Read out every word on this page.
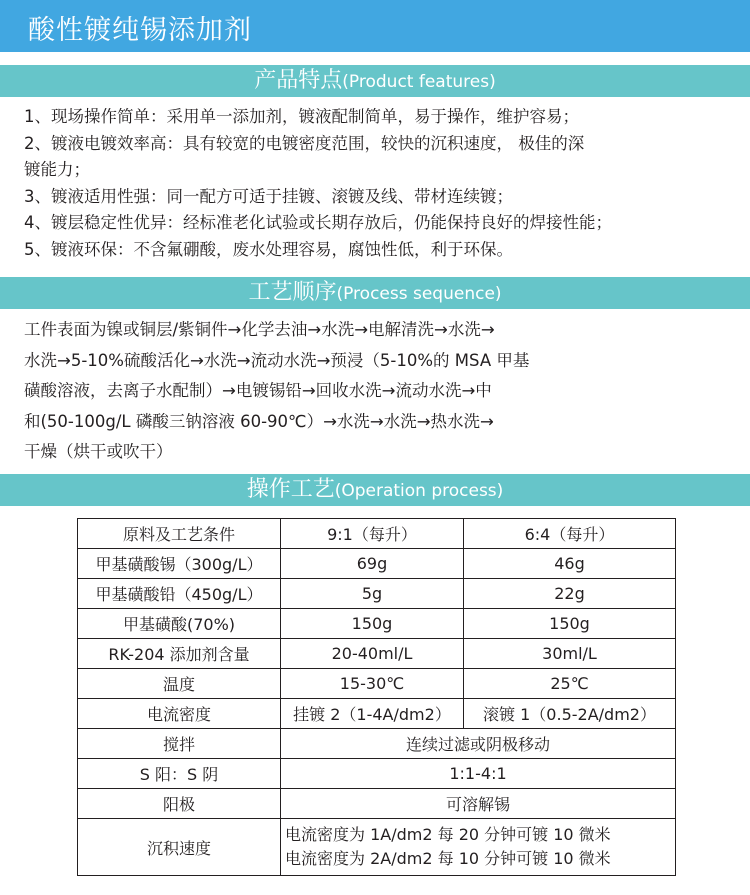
酸性镀纯锡添加剂
产品特点(Product features)

1、现场操作简单：采用单一添加剂，镀液配制简单，易于操作，维护容易；

2、镀液电镀效率高：具有较宽的电镀密度范围，较快的沉积速度， 极佳的深

镀能力；

3、镀液适用性强：同一配方可适于挂镀、滚镀及线、带材连续镀；

4、镀层稳定性优异：经标准老化试验或长期存放后，仍能保持良好的焊接性能；

5、镀液环保：不含氟硼酸，废水处理容易，腐蚀性低，利于环保。

工艺顺序(Process sequence)

工件表面为镍或铜层/紫铜件→化学去油→水洗→电解清洗→水洗→

水洗→5-10%硫酸活化→水洗→流动水洗→预浸（5-10%的 MSA 甲基

磺酸溶液，去离子水配制）→电镀锡铅→回收水洗→流动水洗→中

和(50-100g/L 磷酸三钠溶液 60-90℃）→水洗→水洗→热水洗→

干燥（烘干或吹干）

操作工艺(Operation process)
原料及工艺条件	9:1（每升）	6:4（每升）
甲基磺酸锡（300g/L）	69g	46g
甲基磺酸铅（450g/L）	5g	22g
甲基磺酸(70%)	150g	150g
RK-204 添加剂含量	20-40ml/L	30ml/L
温度	15-30℃	25℃
电流密度	挂镀 2（1-4A/dm2）	滚镀 1（0.5-2A/dm2）
搅拌	连续过滤或阴极移动	
S 阳：S 阴	1:1-4:1	
阳极	可溶解锡	
沉积速度	电流密度为 1A/dm2 每 20 分钟可镀 10 微米
电流密度为 2A/dm2 每 10 分钟可镀 10 微米	
